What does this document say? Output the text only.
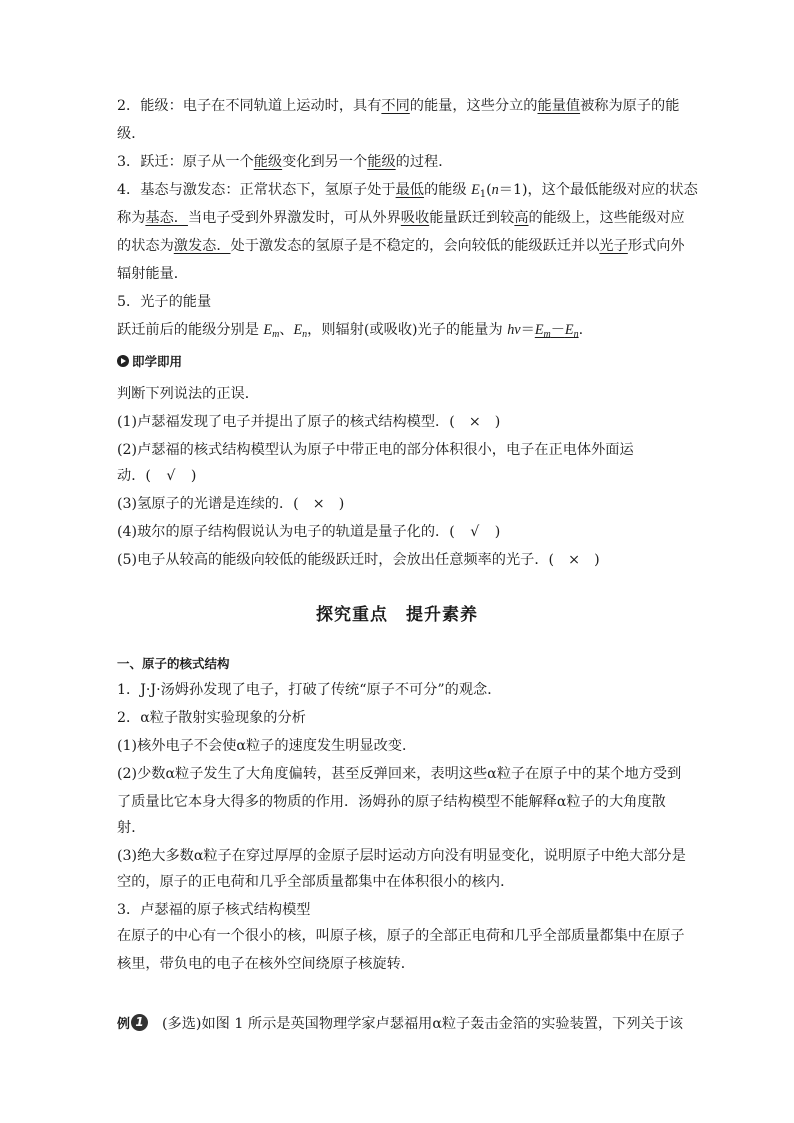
2．能级：电子在不同轨道上运动时，具有不同的能量，这些分立的能量值被称为原子的能
级．
3．跃迁：原子从一个能级变化到另一个能级的过程．
4．基态与激发态：正常状态下，氢原子处于最低的能级 $E_1(n=1)$，这个最低能级对应的状态
称为基态．当电子受到外界激发时，可从外界吸收能量跃迁到较高的能级上，这些能级对应
的状态为激发态．处于激发态的氢原子是不稳定的，会向较低的能级跃迁并以光子形式向外
辐射能量．
5．光子的能量
跃迁前后的能级分别是 $E_m$、$E_n$，则辐射(或吸收)光子的能量为 $h\nu=E_m-E_n$.
即学即用
判断下列说法的正误．
(1)卢瑟福发现了电子并提出了原子的核式结构模型．( × )
(2)卢瑟福的核式结构模型认为原子中带正电的部分体积很小，电子在正电体外面运
动．( √ )
(3)氢原子的光谱是连续的．( × )
(4)玻尔的原子结构假说认为电子的轨道是量子化的．( √ )
(5)电子从较高的能级向较低的能级跃迁时，会放出任意频率的光子．( × )
探究重点　提升素养
一、原子的核式结构
1．J·J·汤姆孙发现了电子，打破了传统“原子不可分”的观念．
2．α粒子散射实验现象的分析
(1)核外电子不会使α粒子的速度发生明显改变．
(2)少数α粒子发生了大角度偏转，甚至反弹回来，表明这些α粒子在原子中的某个地方受到
了质量比它本身大得多的物质的作用．汤姆孙的原子结构模型不能解释α粒子的大角度散
射．
(3)绝大多数α粒子在穿过厚厚的金原子层时运动方向没有明显变化，说明原子中绝大部分是
空的，原子的正电荷和几乎全部质量都集中在体积很小的核内．
3．卢瑟福的原子核式结构模型
在原子的中心有一个很小的核，叫原子核，原子的全部正电荷和几乎全部质量都集中在原子
核里，带负电的电子在核外空间绕原子核旋转．
例 1 (多选)如图 1 所示是英国物理学家卢瑟福用α粒子轰击金箔的实验装置，下列关于该
